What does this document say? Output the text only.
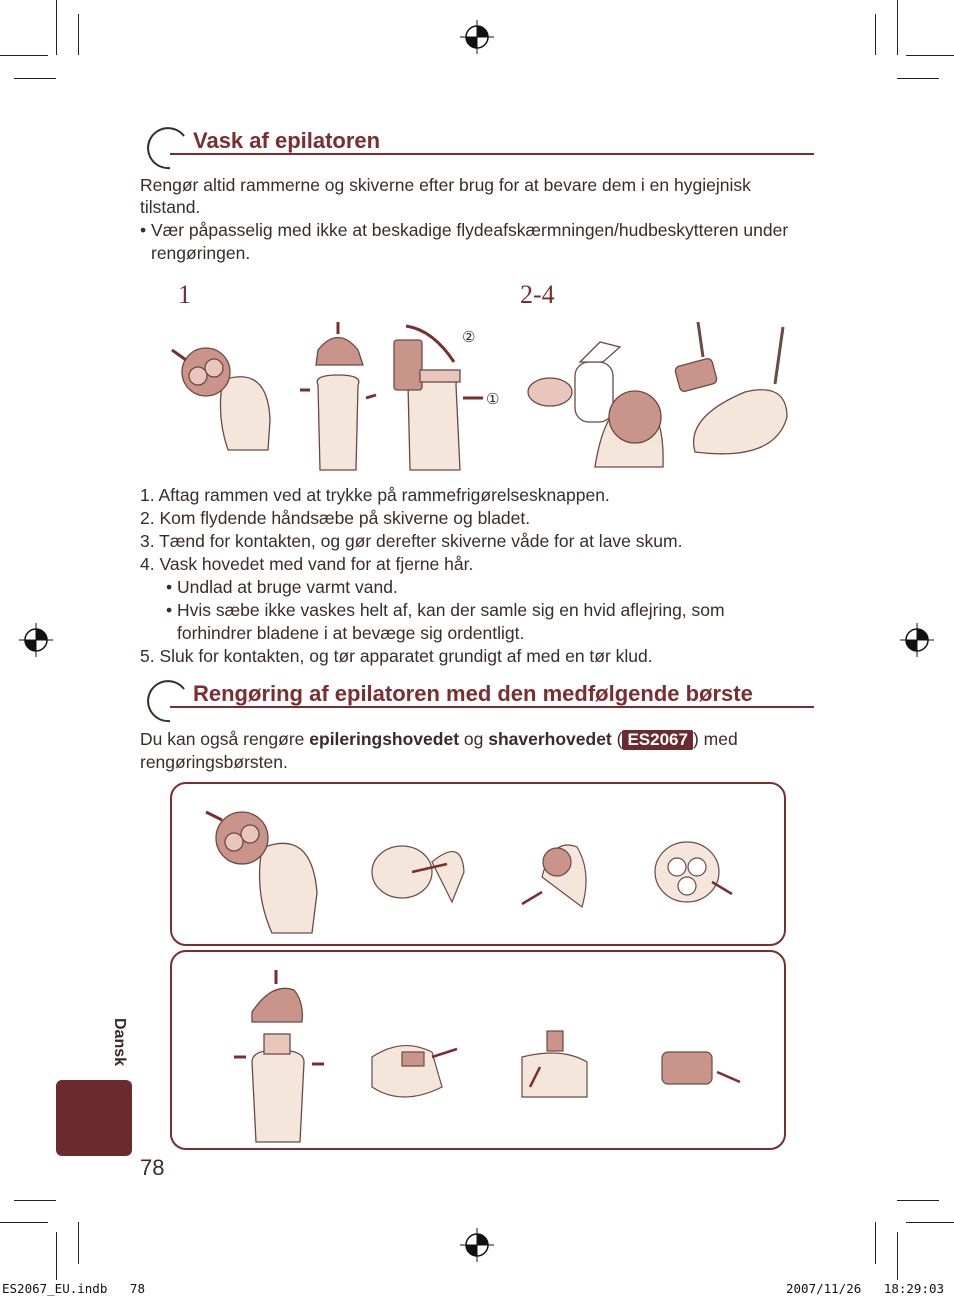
Vask af epilatoren
Rengør altid rammerne og skiverne efter brug for at bevare dem i en hygiejnisk
tilstand.
• Vær påpasselig med ikke at beskadige flydeafskærmningen/hudbeskytteren under
rengøringen.
1	2-4
②
①
1. Aftag rammen ved at trykke på rammefrigørelsesknappen.
2. Kom flydende håndsæbe på skiverne og bladet.
3. Tænd for kontakten, og gør derefter skiverne våde for at lave skum.
4. Vask hovedet med vand for at fjerne hår.
• Undlad at bruge varmt vand.
• Hvis sæbe ikke vaskes helt af, kan der samle sig en hvid aflejring, som
forhindrer bladene i at bevæge sig ordentligt.
5. Sluk for kontakten, og tør apparatet grundigt af med en tør klud.
Rengøring af epilatoren med den medfølgende børste
Du kan også rengøre epileringshovedet og shaverhovedet ( ES2067 ) med
rengøringsbørsten.
Dansk
78
ES2067_EU.indb   78	2007/11/26   18:29:03
